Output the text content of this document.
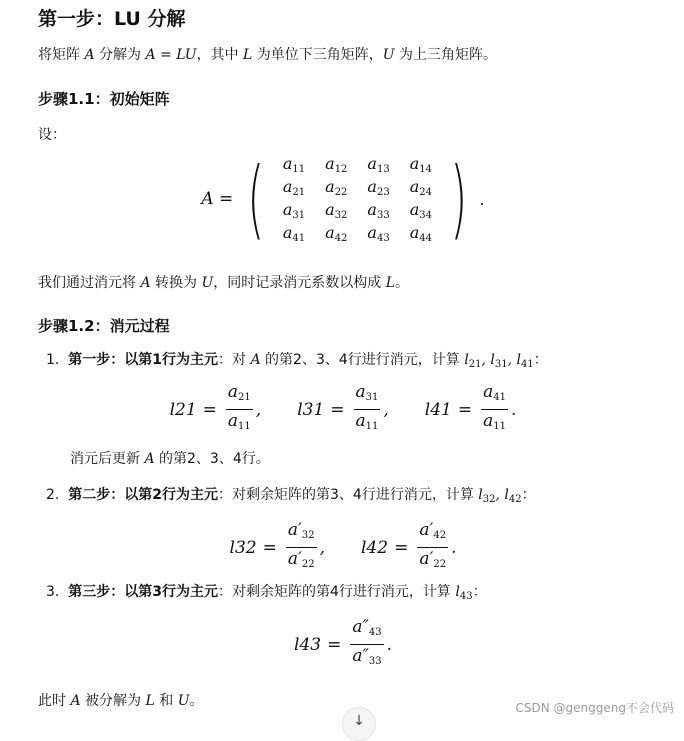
第一步：LU 分解
将矩阵 A 分解为 A = LU，其中 L 为单位下三角矩阵，U 为上三角矩阵。
步骤1.1：初始矩阵
设：
A = ( $a_{11}$	$a_{12}$	$a_{13}$	$a_{14}$
$a_{21}$	$a_{22}$	$a_{23}$	$a_{24}$
$a_{31}$	$a_{32}$	$a_{33}$	$a_{34}$
$a_{41}$	$a_{42}$	$a_{43}$	$a_{44}$ ) .
我们通过消元将 A 转换为 U，同时记录消元系数以构成 L。
步骤1.2：消元过程
1. 第一步：以第1行为主元：对 A 的第2、3、4行进行消元，计算 $l_{21}$, $l_{31}$, $l_{41}$：
$l21 = \frac{a_{21}}{a_{11}}$ , $l31 = \frac{a_{31}}{a_{11}}$ , $l41 = \frac{a_{41}}{a_{11}}$ .
消元后更新 A 的第2、3、4行。
2. 第二步：以第2行为主元：对剩余矩阵的第3、4行进行消元，计算 $l_{32}$, $l_{42}$：
$l32 = \frac{a'_{32}}{a'_{22}}$ , $l42 = \frac{a'_{42}}{a'_{22}}$ .
3. 第三步：以第3行为主元：对剩余矩阵的第4行进行消元，计算 $l_{43}$：
$l43 = \frac{a''_{43}}{a''_{33}}$ .
此时 A 被分解为 L 和 U。
↓
CSDN @genggeng不会代码
